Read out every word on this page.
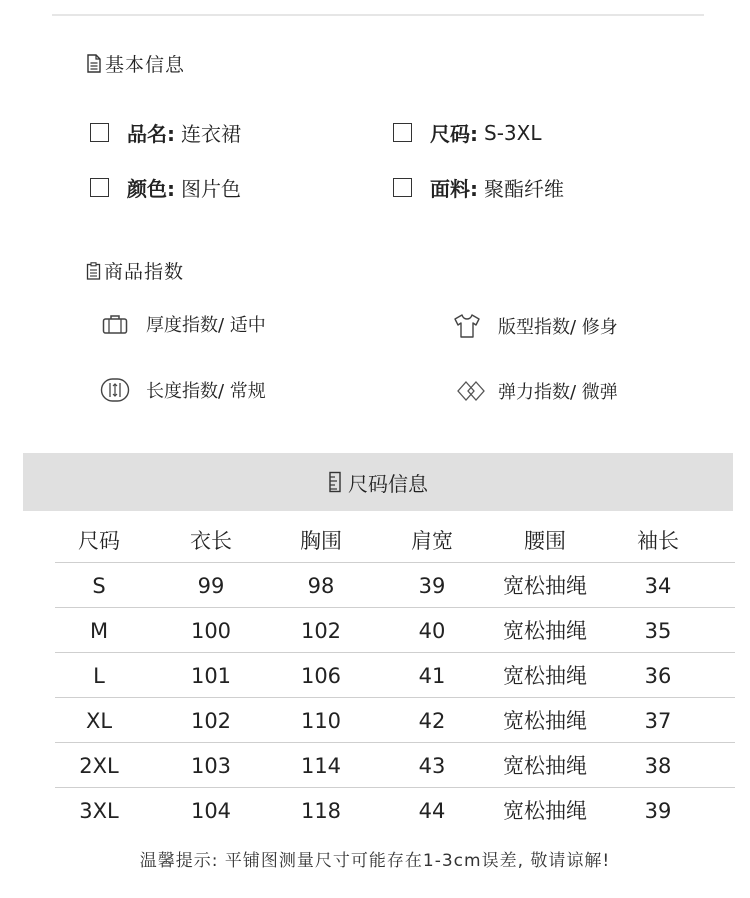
基本信息
品名: 连衣裙	尺码: S-3XL
颜色: 图片色	面料: 聚酯纤维
商品指数
厚度指数/ 适中	版型指数/ 修身
长度指数/ 常规	弹力指数/ 微弹
尺码信息
尺码	衣长	胸围	肩宽	腰围	袖长
S	99	98	39	宽松抽绳	34
M	100	102	40	宽松抽绳	35
L	101	106	41	宽松抽绳	36
XL	102	110	42	宽松抽绳	37
2XL	103	114	43	宽松抽绳	38
3XL	104	118	44	宽松抽绳	39
温馨提示: 平铺图测量尺寸可能存在1-3cm误差, 敬请谅解!
